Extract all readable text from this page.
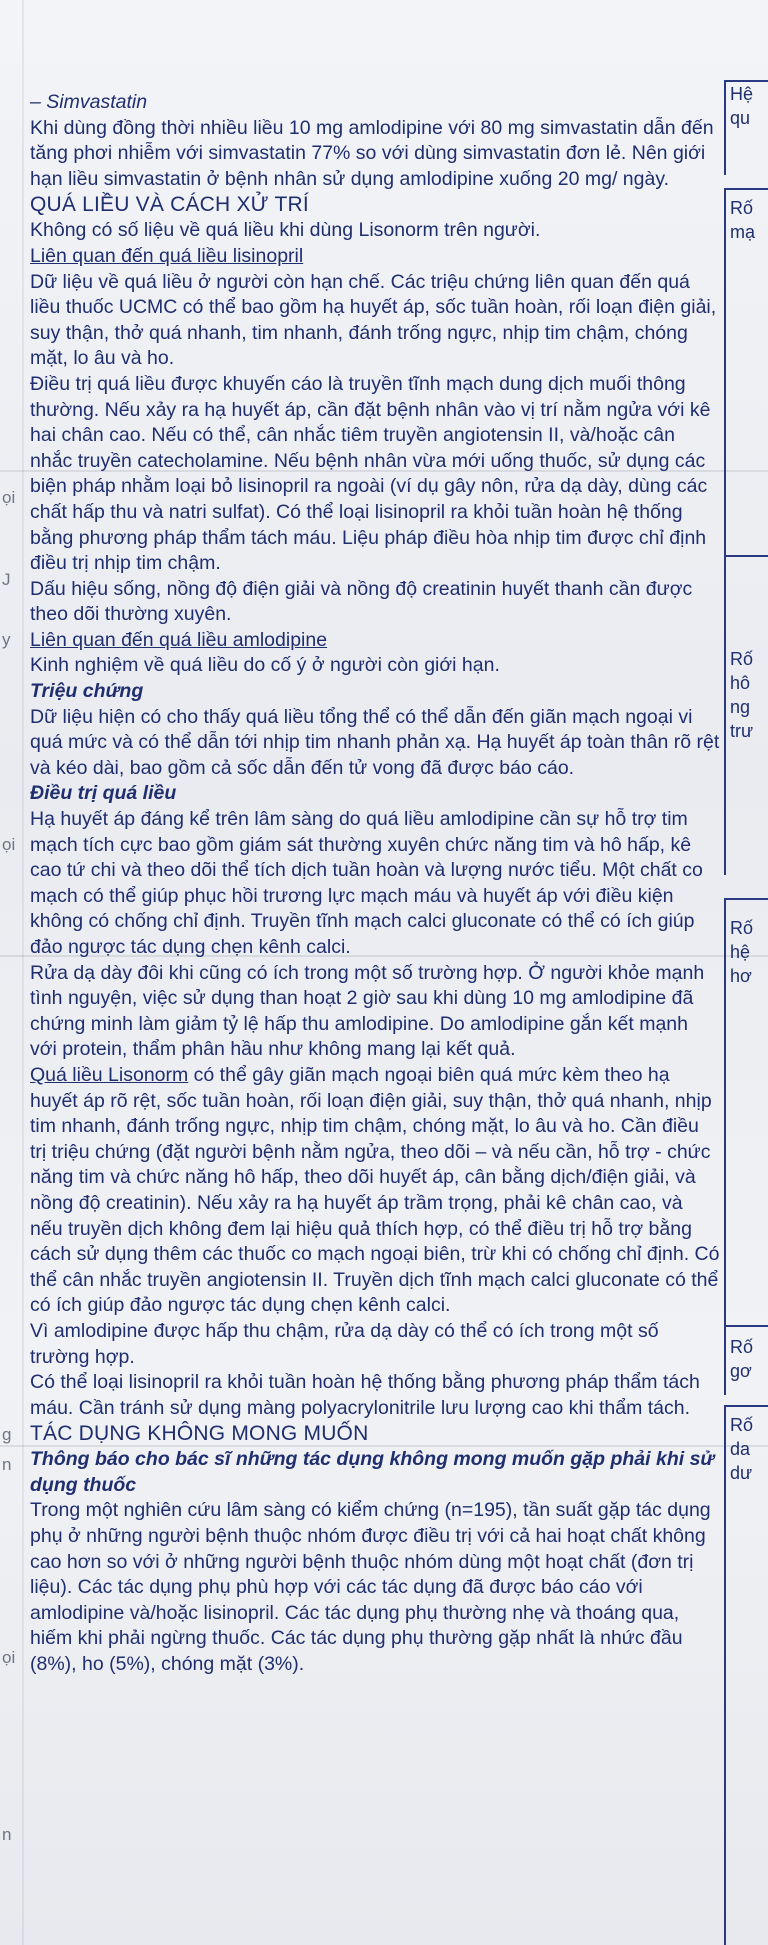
ọi
J
y
ọi
g
n
ọi
n

– Simvastatin

Khi dùng đồng thời nhiều liều 10 mg amlodipine với 80 mg simvastatin dẫn đến tăng phơi nhiễm với simvastatin 77% so với dùng simvastatin đơn lẻ. Nên giới hạn liều simvastatin ở bệnh nhân sử dụng amlodipine xuống 20 mg/ ngày.

QUÁ LIỀU VÀ CÁCH XỬ TRÍ

Không có số liệu về quá liều khi dùng Lisonorm trên người.

Liên quan đến quá liều lisinopril

Dữ liệu về quá liều ở người còn hạn chế. Các triệu chứng liên quan đến quá liều thuốc UCMC có thể bao gồm hạ huyết áp, sốc tuần hoàn, rối loạn điện giải, suy thận, thở quá nhanh, tim nhanh, đánh trống ngực, nhịp tim chậm, chóng mặt, lo âu và ho.

Điều trị quá liều được khuyến cáo là truyền tĩnh mạch dung dịch muối thông thường. Nếu xảy ra hạ huyết áp, cần đặt bệnh nhân vào vị trí nằm ngửa với kê hai chân cao. Nếu có thể, cân nhắc tiêm truyền angiotensin II, và/hoặc cân nhắc truyền catecholamine. Nếu bệnh nhân vừa mới uống thuốc, sử dụng các biện pháp nhằm loại bỏ lisinopril ra ngoài (ví dụ gây nôn, rửa dạ dày, dùng các chất hấp thu và natri sulfat). Có thể loại lisinopril ra khỏi tuần hoàn hệ thống bằng phương pháp thẩm tách máu. Liệu pháp điều hòa nhịp tim được chỉ định điều trị nhịp tim chậm.

Dấu hiệu sống, nồng độ điện giải và nồng độ creatinin huyết thanh cần được theo dõi thường xuyên.

Liên quan đến quá liều amlodipine

Kinh nghiệm về quá liều do cố ý ở người còn giới hạn.

Triệu chứng

Dữ liệu hiện có cho thấy quá liều tổng thể có thể dẫn đến giãn mạch ngoại vi quá mức và có thể dẫn tới nhịp tim nhanh phản xạ. Hạ huyết áp toàn thân rõ rệt và kéo dài, bao gồm cả sốc dẫn đến tử vong đã được báo cáo.

Điều trị quá liều

Hạ huyết áp đáng kể trên lâm sàng do quá liều amlodipine cần sự hỗ trợ tim mạch tích cực bao gồm giám sát thường xuyên chức năng tim và hô hấp, kê cao tứ chi và theo dõi thể tích dịch tuần hoàn và lượng nước tiểu. Một chất co mạch có thể giúp phục hồi trương lực mạch máu và huyết áp với điều kiện không có chống chỉ định. Truyền tĩnh mạch calci gluconate có thể có ích giúp đảo ngược tác dụng chẹn kênh calci.

Rửa dạ dày đôi khi cũng có ích trong một số trường hợp. Ở người khỏe mạnh tình nguyện, việc sử dụng than hoạt 2 giờ sau khi dùng 10 mg amlodipine đã chứng minh làm giảm tỷ lệ hấp thu amlodipine. Do amlodipine gắn kết mạnh với protein, thẩm phân hầu như không mang lại kết quả.

Quá liều Lisonorm có thể gây giãn mạch ngoại biên quá mức kèm theo hạ huyết áp rõ rệt, sốc tuần hoàn, rối loạn điện giải, suy thận, thở quá nhanh, nhịp tim nhanh, đánh trống ngực, nhịp tim chậm, chóng mặt, lo âu và ho. Cần điều trị triệu chứng (đặt người bệnh nằm ngửa, theo dõi – và nếu cần, hỗ trợ - chức năng tim và chức năng hô hấp, theo dõi huyết áp, cân bằng dịch/điện giải, và nồng độ creatinin). Nếu xảy ra hạ huyết áp trầm trọng, phải kê chân cao, và nếu truyền dịch không đem lại hiệu quả thích hợp, có thể điều trị hỗ trợ bằng cách sử dụng thêm các thuốc co mạch ngoại biên, trừ khi có chống chỉ định. Có thể cân nhắc truyền angiotensin II. Truyền dịch tĩnh mạch calci gluconate có thể có ích giúp đảo ngược tác dụng chẹn kênh calci.

Vì amlodipine được hấp thu chậm, rửa dạ dày có thể có ích trong một số trường hợp.

Có thể loại lisinopril ra khỏi tuần hoàn hệ thống bằng phương pháp thẩm tách máu. Cần tránh sử dụng màng polyacrylonitrile lưu lượng cao khi thẩm tách.

TÁC DỤNG KHÔNG MONG MUỐN

Thông báo cho bác sĩ những tác dụng không mong muốn gặp phải khi sử dụng thuốc

Trong một nghiên cứu lâm sàng có kiểm chứng (n=195), tần suất gặp tác dụng phụ ở những người bệnh thuộc nhóm được điều trị với cả hai hoạt chất không cao hơn so với ở những người bệnh thuộc nhóm dùng một hoạt chất (đơn trị liệu). Các tác dụng phụ phù hợp với các tác dụng đã được báo cáo với amlodipine và/hoặc lisinopril. Các tác dụng phụ thường nhẹ và thoáng qua, hiếm khi phải ngừng thuốc. Các tác dụng phụ thường gặp nhất là nhức đầu (8%), ho (5%), chóng mặt (3%).

Hệ
qu
Rố
mạ
Rố
hô
ng
trư
Rố
hệ
hơ
Rố
gơ
Rố
da
dư
